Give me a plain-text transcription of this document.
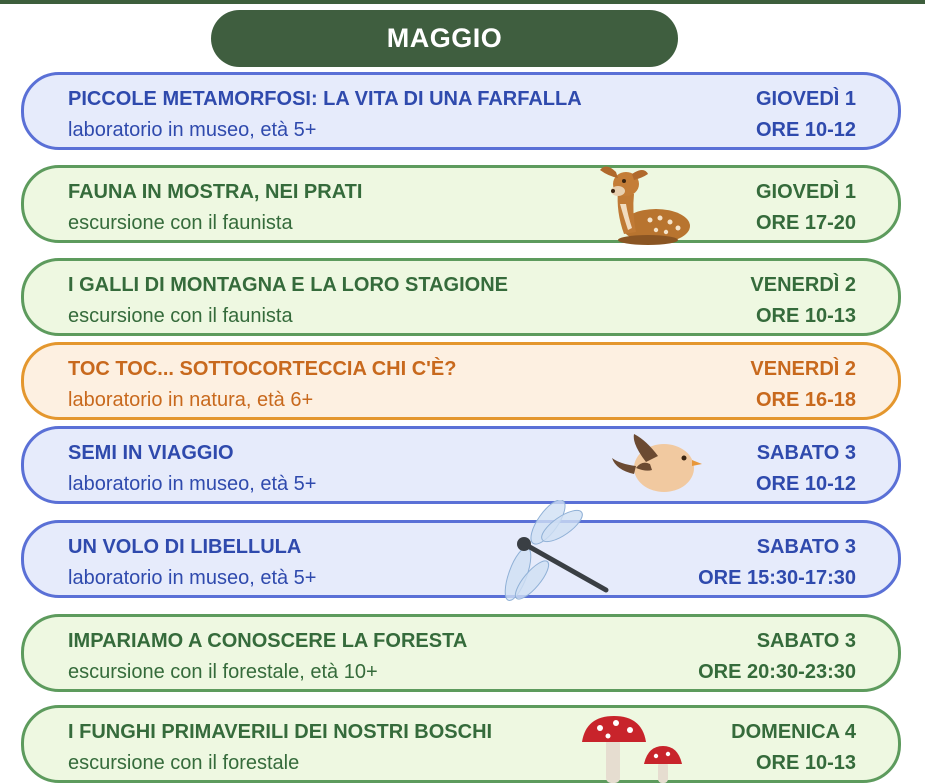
MAGGIO
PICCOLE METAMORFOSI: LA VITA DI UNA FARFALLA
laboratorio in museo, età 5+
GIOVEDÌ 1
ORE 10-12
FAUNA IN MOSTRA, NEI PRATI
escursione con il faunista
GIOVEDÌ 1
ORE 17-20
I GALLI DI MONTAGNA E LA LORO STAGIONE
escursione con il faunista
VENERDÌ 2
ORE 10-13
TOC TOC... SOTTOCORTECCIA CHI C'È?
laboratorio in natura, età 6+
VENERDÌ 2
ORE 16-18
SEMI IN VIAGGIO
laboratorio in museo, età 5+
SABATO 3
ORE 10-12
UN VOLO DI LIBELLULA
laboratorio in museo, età 5+
SABATO 3
ORE 15:30-17:30
IMPARIAMO A CONOSCERE LA FORESTA
escursione con il forestale, età 10+
SABATO 3
ORE 20:30-23:30
I FUNGHI PRIMAVERILI DEI NOSTRI BOSCHI
escursione con il forestale
DOMENICA 4
ORE 10-13
